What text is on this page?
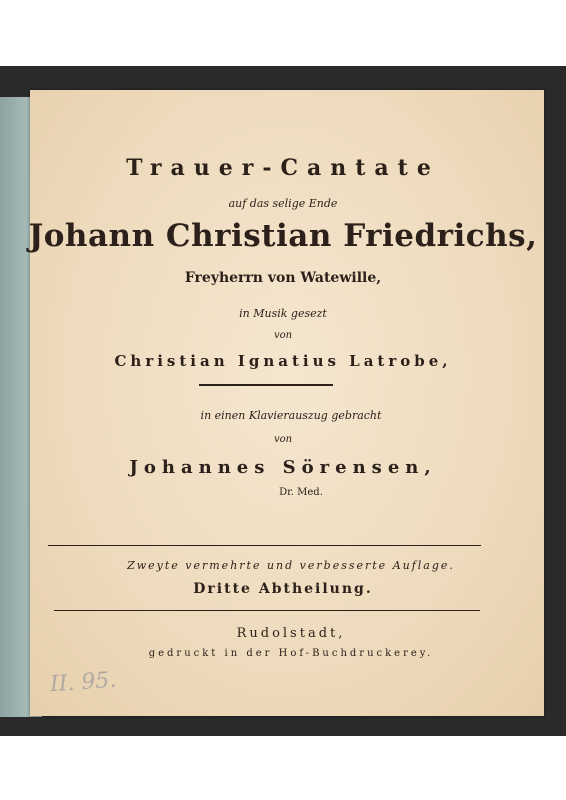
Trauer-Cantate
auf das selige Ende
Johann Christian Friedrichs,
Freyherrn von Watewille,
in Musik gesezt
von
Christian Ignatius Latrobe,
in einen Klavierauszug gebracht
von
Johannes Sörensen,
Dr. Med.
Zweyte vermehrte und verbesserte Auflage.
Dritte Abtheilung.
Rudolstadt,
gedruckt in der Hof-Buchdruckerey.
II. 95.
